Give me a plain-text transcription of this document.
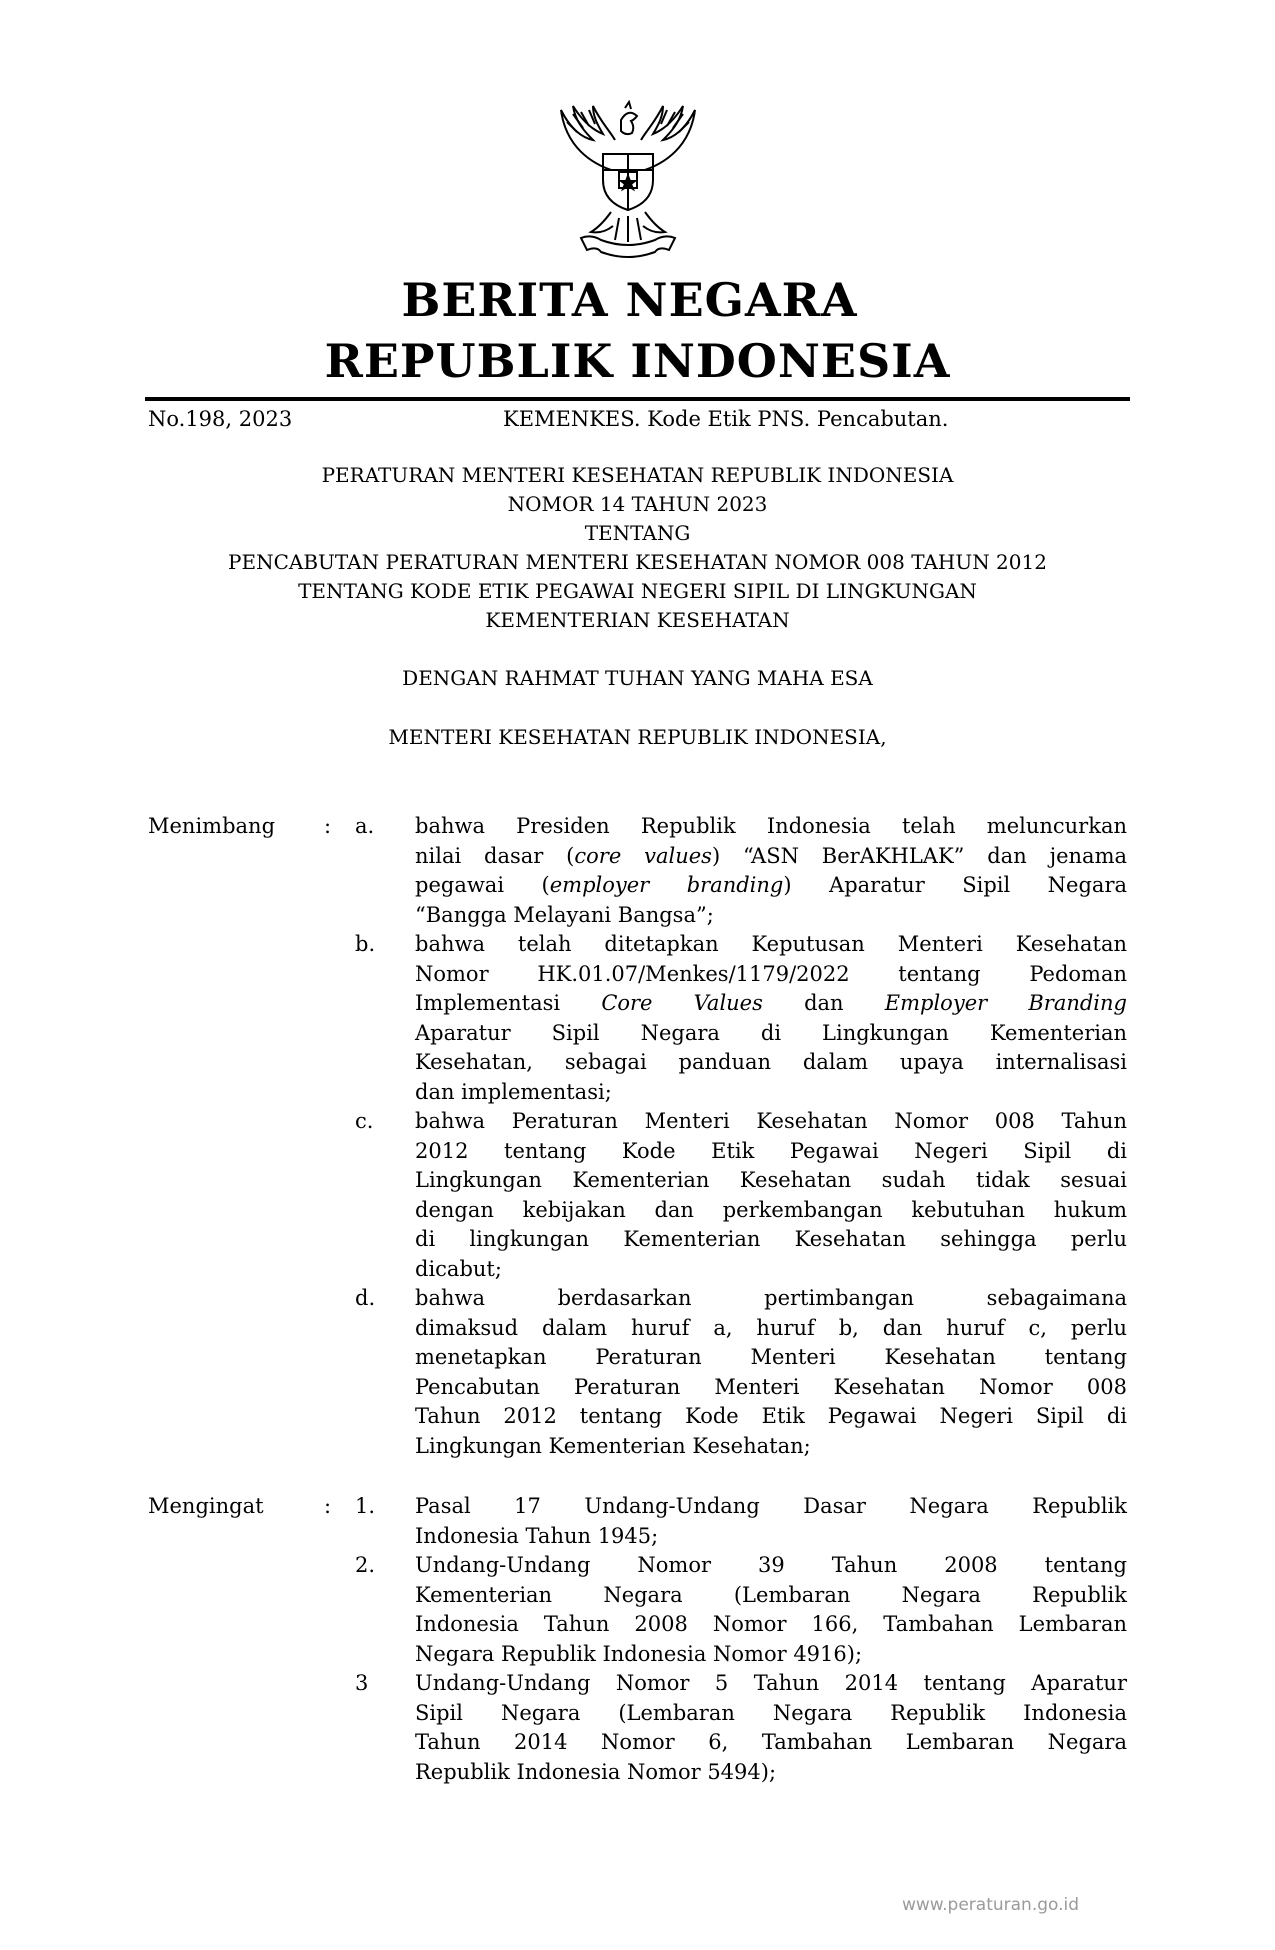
BERITA NEGARA
REPUBLIK INDONESIA
No.198, 2023	KEMENKES. Kode Etik PNS. Pencabutan.
PERATURAN MENTERI KESEHATAN REPUBLIK INDONESIA
NOMOR 14 TAHUN 2023
TENTANG
PENCABUTAN PERATURAN MENTERI KESEHATAN NOMOR 008 TAHUN 2012
TENTANG KODE ETIK PEGAWAI NEGERI SIPIL DI LINGKUNGAN
KEMENTERIAN KESEHATAN
DENGAN RAHMAT TUHAN YANG MAHA ESA
MENTERI KESEHATAN REPUBLIK INDONESIA,
Menimbang : a.	bahwa Presiden Republik Indonesia telah meluncurkan

nilai dasar (core values) “ASN BerAKHLAK” dan jenama

pegawai (employer branding) Aparatur Sipil Negara

“Bangga Melayani Bangsa”;

b.	bahwa telah ditetapkan Keputusan Menteri Kesehatan

Nomor HK.01.07/Menkes/1179/2022 tentang Pedoman

Implementasi Core Values dan Employer Branding

Aparatur Sipil Negara di Lingkungan Kementerian

Kesehatan, sebagai panduan dalam upaya internalisasi

dan implementasi;

c.	bahwa Peraturan Menteri Kesehatan Nomor 008 Tahun

2012 tentang Kode Etik Pegawai Negeri Sipil di

Lingkungan Kementerian Kesehatan sudah tidak sesuai

dengan kebijakan dan perkembangan kebutuhan hukum

di lingkungan Kementerian Kesehatan sehingga perlu

dicabut;

d.	bahwa berdasarkan pertimbangan sebagaimana

dimaksud dalam huruf a, huruf b, dan huruf c, perlu

menetapkan Peraturan Menteri Kesehatan tentang

Pencabutan Peraturan Menteri Kesehatan Nomor 008

Tahun 2012 tentang Kode Etik Pegawai Negeri Sipil di

Lingkungan Kementerian Kesehatan;

Mengingat	: 1.	Pasal 17 Undang-Undang Dasar Negara Republik

Indonesia Tahun 1945;

2.	Undang-Undang Nomor 39 Tahun 2008 tentang

Kementerian Negara (Lembaran Negara Republik

Indonesia Tahun 2008 Nomor 166, Tambahan Lembaran

Negara Republik Indonesia Nomor 4916);

3	Undang-Undang Nomor 5 Tahun 2014 tentang Aparatur

Sipil Negara (Lembaran Negara Republik Indonesia

Tahun 2014 Nomor 6, Tambahan Lembaran Negara

Republik Indonesia Nomor 5494);

www.peraturan.go.id
